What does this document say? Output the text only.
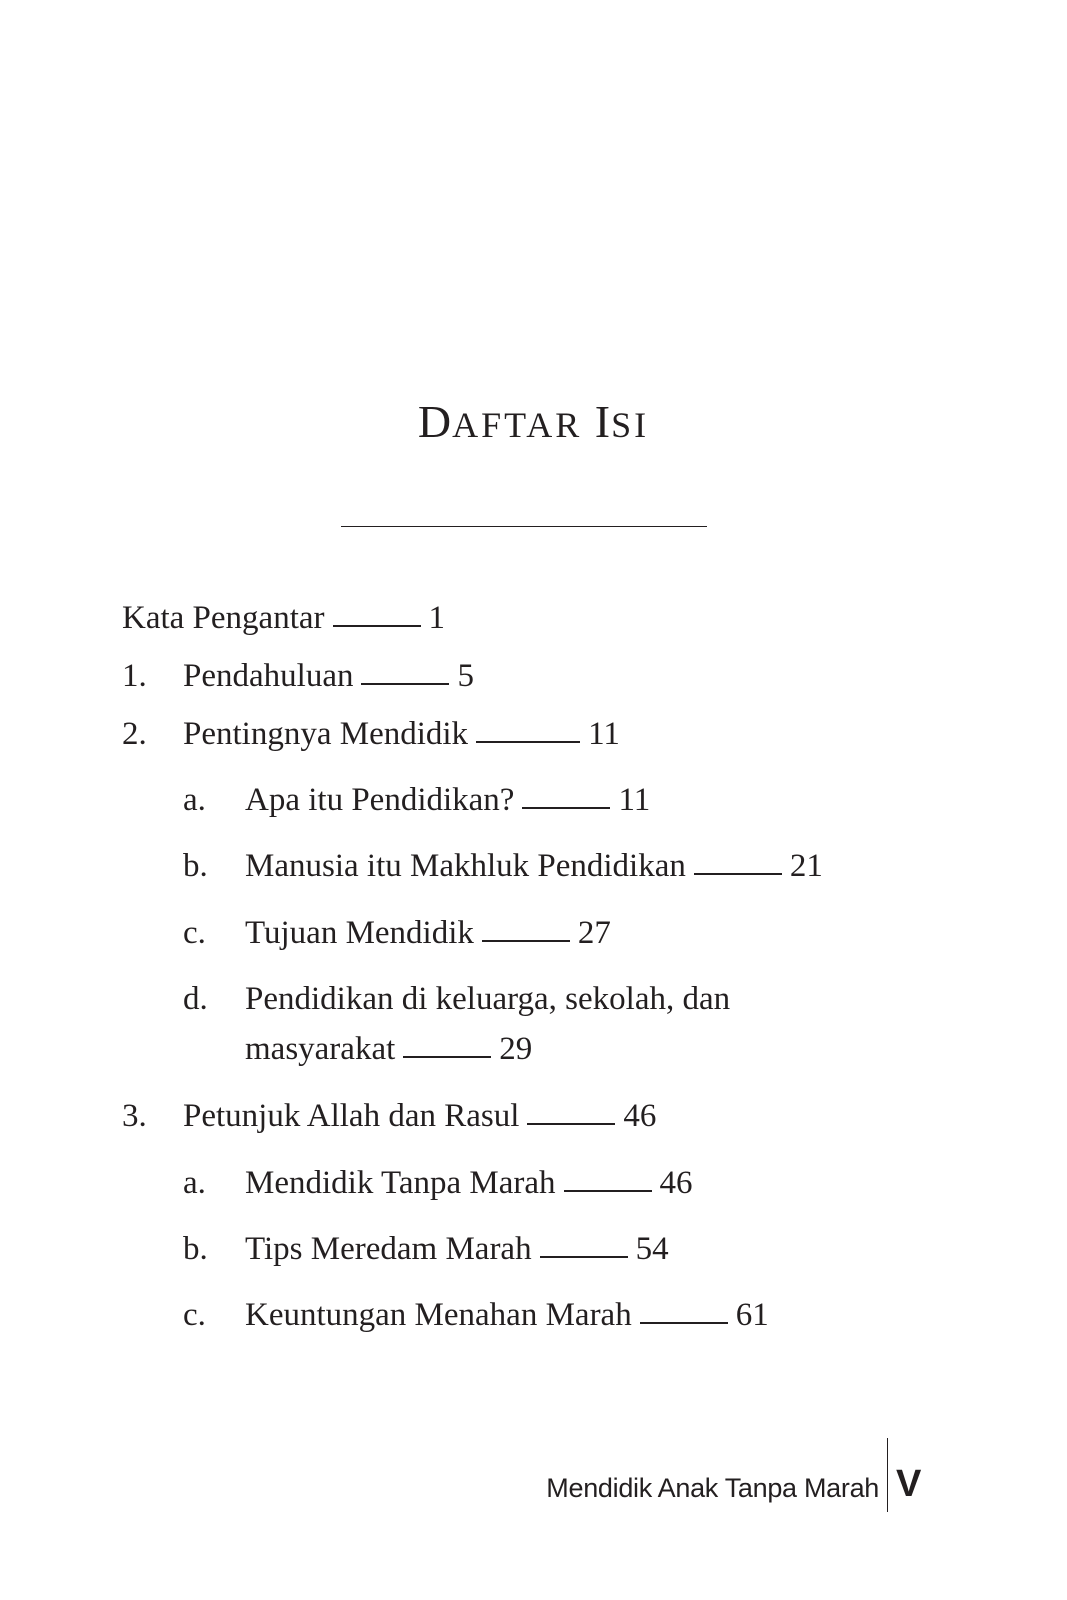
DAFTAR ISI
Kata Pengantar	1
1. Pendahuluan	5
2. Pentingnya Mendidik	11
a. Apa itu Pendidikan?	11
b. Manusia itu Makhluk Pendidikan	21
c. Tujuan Mendidik	27
d. Pendidikan di keluarga, sekolah, dan
masyarakat	29
3. Petunjuk Allah dan Rasul	46
a. Mendidik Tanpa Marah	46
b. Tips Meredam Marah	54
c. Keuntungan Menahan Marah	61
Mendidik Anak Tanpa Marah V
